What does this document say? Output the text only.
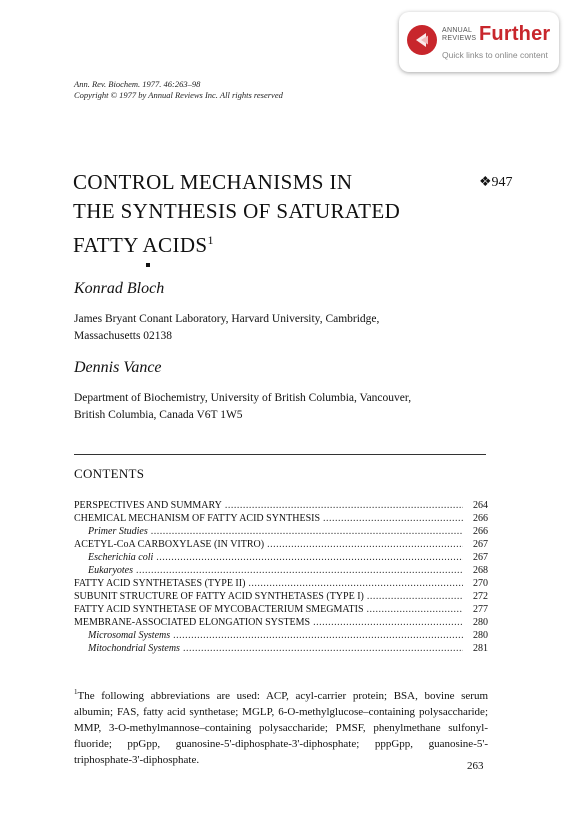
ANNUAL
REVIEWS Further
Quick links to online content
Ann. Rev. Biochem. 1977. 46:263–98
Copyright © 1977 by Annual Reviews Inc. All rights reserved
CONTROL MECHANISMS IN
THE SYNTHESIS OF SATURATED
FATTY ACIDS$^1$
❖947
Konrad Bloch
James Bryant Conant Laboratory, Harvard University, Cambridge,
Massachusetts 02138
Dennis Vance
Department of Biochemistry, University of British Columbia, Vancouver,
British Columbia, Canada V6T 1W5
CONTENTS
PERSPECTIVES AND SUMMARY .....	264
CHEMICAL MECHANISM OF FATTY ACID SYNTHESIS .....	266
Primer Studies .....	266
ACETYL-CoA CARBOXYLASE (IN VITRO) .....	267
Escherichia coli .....	267
Eukaryotes .....	268
FATTY ACID SYNTHETASES (TYPE II) .....	270
SUBUNIT STRUCTURE OF FATTY ACID SYNTHETASES (TYPE I) .....	272
FATTY ACID SYNTHETASE OF MYCOBACTERIUM SMEGMATIS .....	277
MEMBRANE-ASSOCIATED ELONGATION SYSTEMS .....	280
Microsomal Systems .....	280
Mitochondrial Systems .....	281
$^1$The following abbreviations are used: ACP, acyl-carrier protein; BSA, bovine serum albumin; FAS, fatty acid synthetase; MGLP, 6-O-methylglucose–containing polysaccharide; MMP, 3-O-methylmannose–containing polysaccharide; PMSF, phenylmethane sulfonyl-fluoride; ppGpp, guanosine-5'-diphosphate-3'-diphosphate; pppGpp, guanosine-5'-triphosphate-3'-diphosphate.	263
